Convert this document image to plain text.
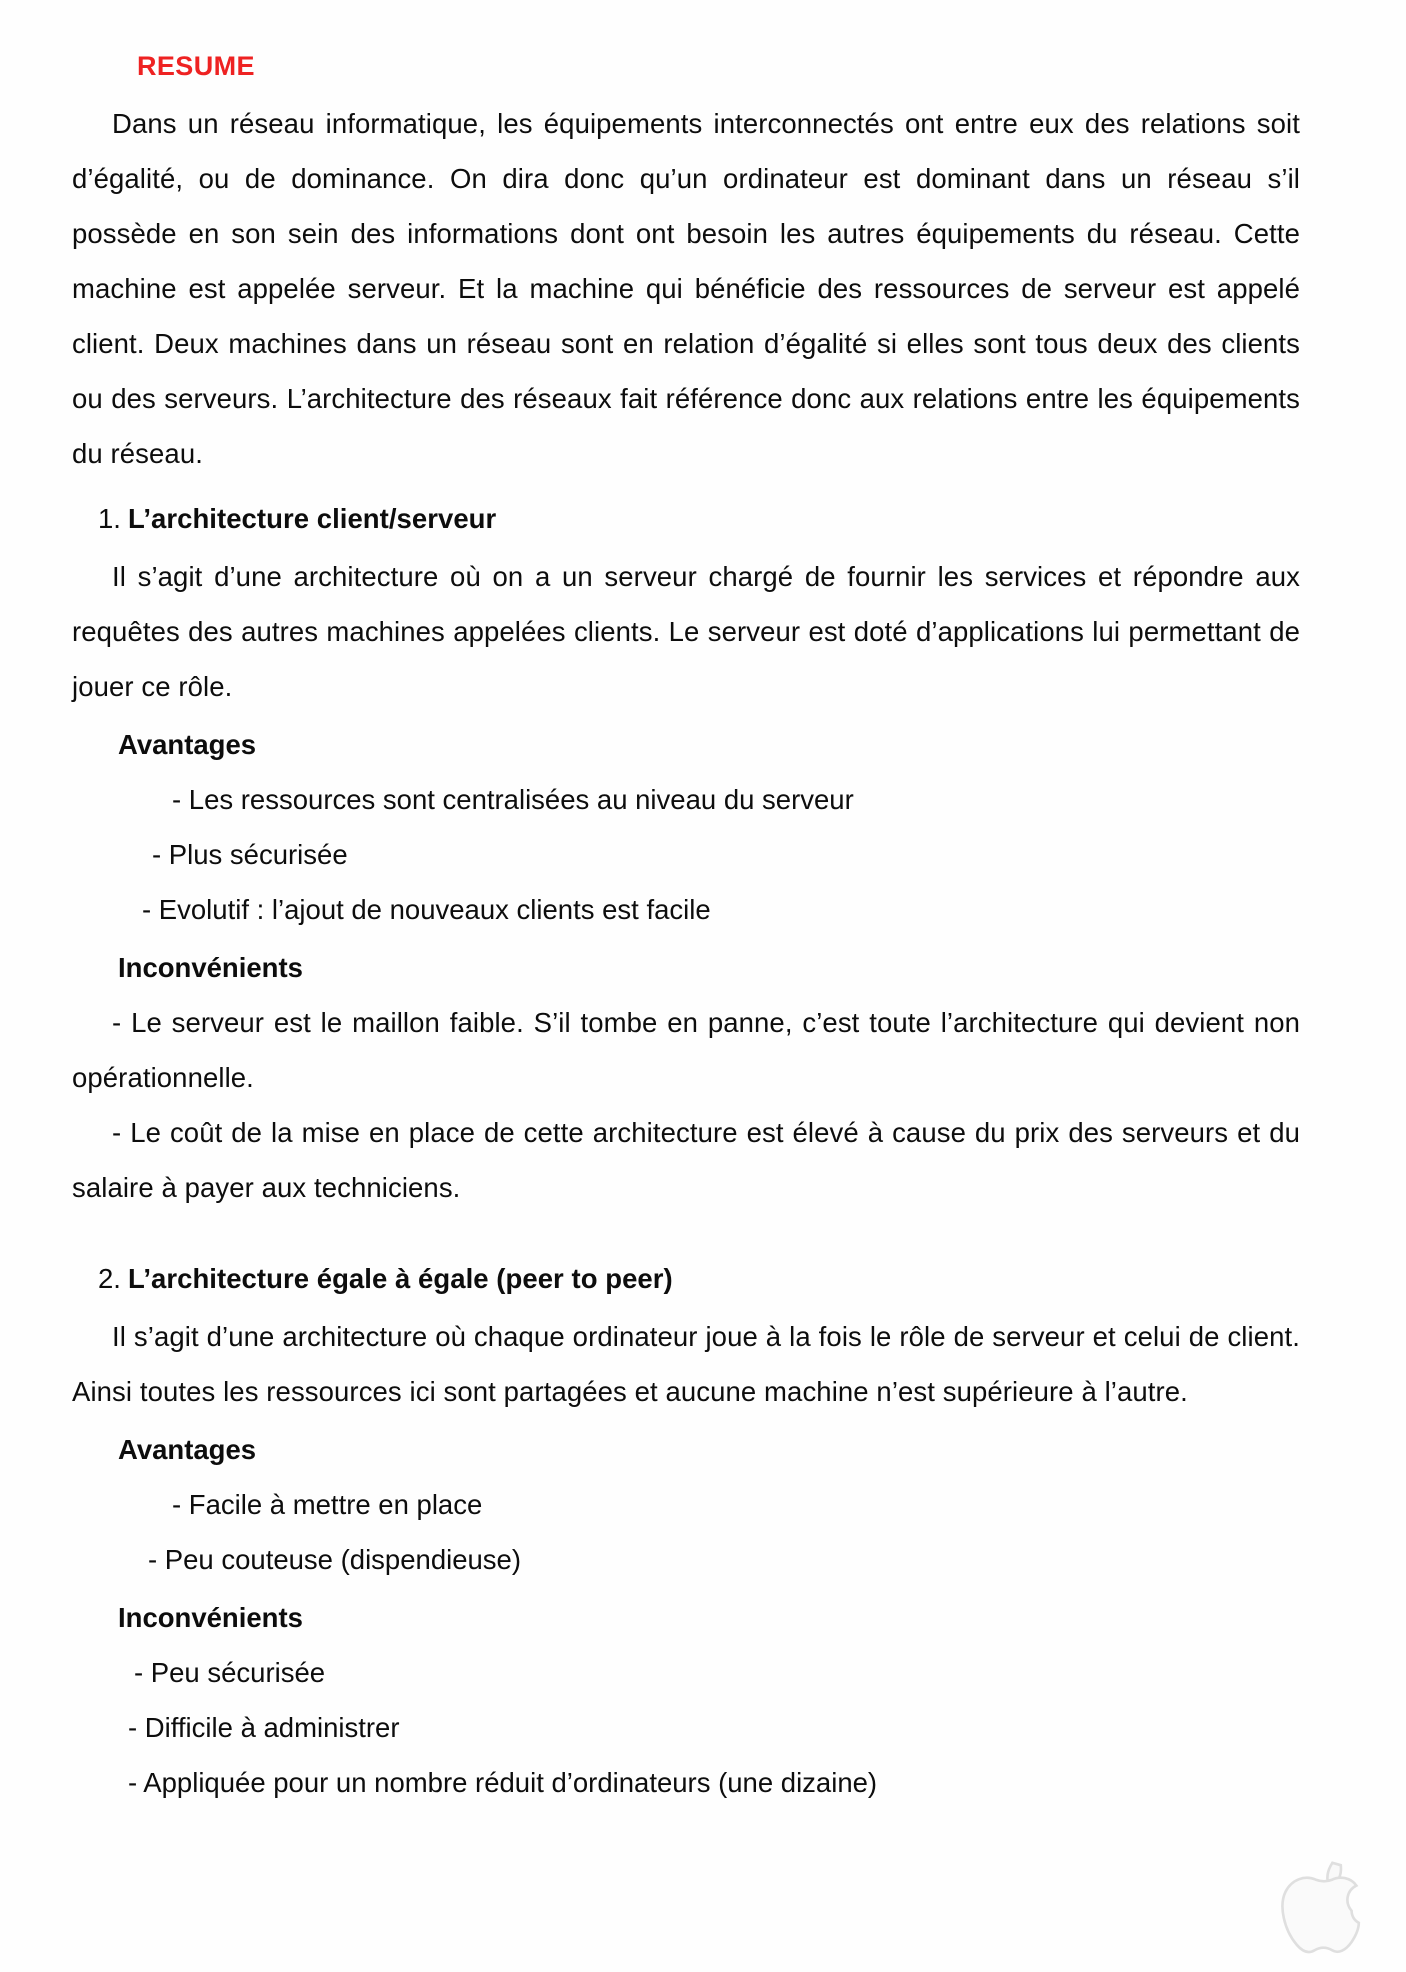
RESUME

Dans un réseau informatique, les équipements interconnectés ont entre eux des relations soit d’égalité, ou de dominance. On dira donc qu’un ordinateur est dominant dans un réseau s’il possède en son sein des informations dont ont besoin les autres équipements du réseau. Cette machine est appelée serveur. Et la machine qui bénéficie des ressources de serveur est appelé client. Deux machines dans un réseau sont en relation d’égalité si elles sont tous deux des clients ou des serveurs. L’architecture des réseaux fait référence donc aux relations entre les équipements du réseau.

1. L’architecture client/serveur

Il s’agit d’une architecture où on a un serveur chargé de fournir les services et répondre aux requêtes des autres machines appelées clients. Le serveur est doté d’applications lui permettant de jouer ce rôle.

Avantages

- Les ressources sont centralisées au niveau du serveur

- Plus sécurisée

- Evolutif : l’ajout de nouveaux clients est facile

Inconvénients

- Le serveur est le maillon faible. S’il tombe en panne, c’est toute l’architecture qui devient non opérationnelle.

- Le coût de la mise en place de cette architecture est élevé à cause du prix des serveurs et du salaire à payer aux techniciens.

2. L’architecture égale à égale (peer to peer)

Il s’agit d’une architecture où chaque ordinateur joue à la fois le rôle de serveur et celui de client. Ainsi toutes les ressources ici sont partagées et aucune machine n’est supérieure à l’autre.

Avantages

- Facile à mettre en place

- Peu couteuse (dispendieuse)

Inconvénients

- Peu sécurisée

- Difficile à administrer

- Appliquée pour un nombre réduit d’ordinateurs (une dizaine)
